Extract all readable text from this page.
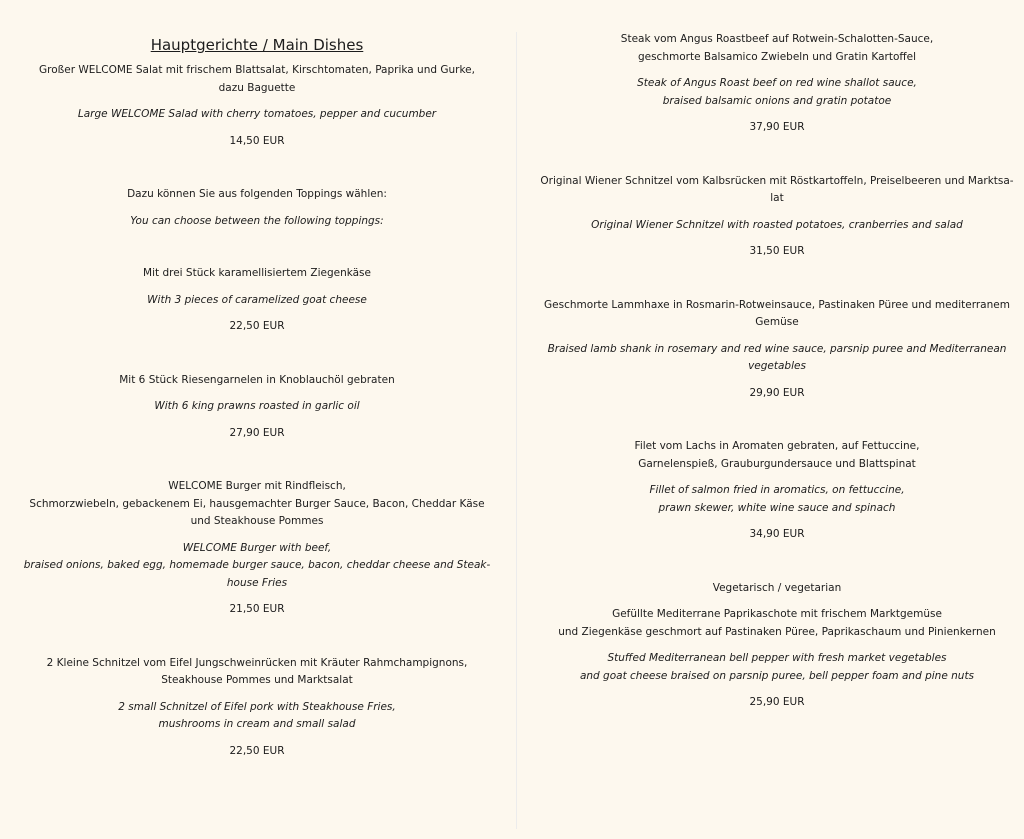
Hauptgerichte / Main Dishes
Großer WELCOME Salat mit frischem Blattsalat, Kirschtomaten, Paprika und Gurke, dazu Baguette
Large WELCOME Salad with cherry tomatoes, pepper and cucumber
14,50 EUR
Dazu können Sie aus folgenden Toppings wählen:
You can choose between the following toppings:
Mit drei Stück karamellisiertem Ziegenkäse
With 3 pieces of caramelized goat cheese
22,50 EUR
Mit 6 Stück Riesengarnelen in Knoblauchöl gebraten
With 6 king prawns roasted in garlic oil
27,90 EUR
WELCOME Burger mit Rindfleisch,
Schmorzwiebeln, gebackenem Ei, hausgemachter Burger Sauce, Bacon, Cheddar Käse
und Steakhouse Pommes
WELCOME Burger with beef,
braised onions, baked egg, homemade burger sauce, bacon, cheddar cheese and Steak-
house Fries
21,50 EUR
2 Kleine Schnitzel vom Eifel Jungschweinrücken mit Kräuter Rahmchampignons,
Steakhouse Pommes und Marktsalat
2 small Schnitzel of Eifel pork with Steakhouse Fries,
mushrooms in cream and small salad
22,50 EUR
Steak vom Angus Roastbeef auf Rotwein-Schalotten-Sauce,
geschmorte Balsamico Zwiebeln und Gratin Kartoffel
Steak of Angus Roast beef on red wine shallot sauce,
braised balsamic onions and gratin potatoe
37,90 EUR
Original Wiener Schnitzel vom Kalbsrücken mit Röstkartoffeln, Preiselbeeren und Marktsa-
lat
Original Wiener Schnitzel with roasted potatoes, cranberries and salad
31,50 EUR
Geschmorte Lammhaxe in Rosmarin-Rotweinsauce, Pastinaken Püree und mediterranem
Gemüse
Braised lamb shank in rosemary and red wine sauce, parsnip puree and Mediterranean
vegetables
29,90 EUR
Filet vom Lachs in Aromaten gebraten, auf Fettuccine,
Garnelenspieß, Grauburgundersauce und Blattspinat
Fillet of salmon fried in aromatics, on fettuccine,
prawn skewer, white wine sauce and spinach
34,90 EUR
Vegetarisch / vegetarian
Gefüllte Mediterrane Paprikaschote mit frischem Marktgemüse
und Ziegenkäse geschmort auf Pastinaken Püree, Paprikaschaum und Pinienkernen
Stuffed Mediterranean bell pepper with fresh market vegetables
and goat cheese braised on parsnip puree, bell pepper foam and pine nuts
25,90 EUR
